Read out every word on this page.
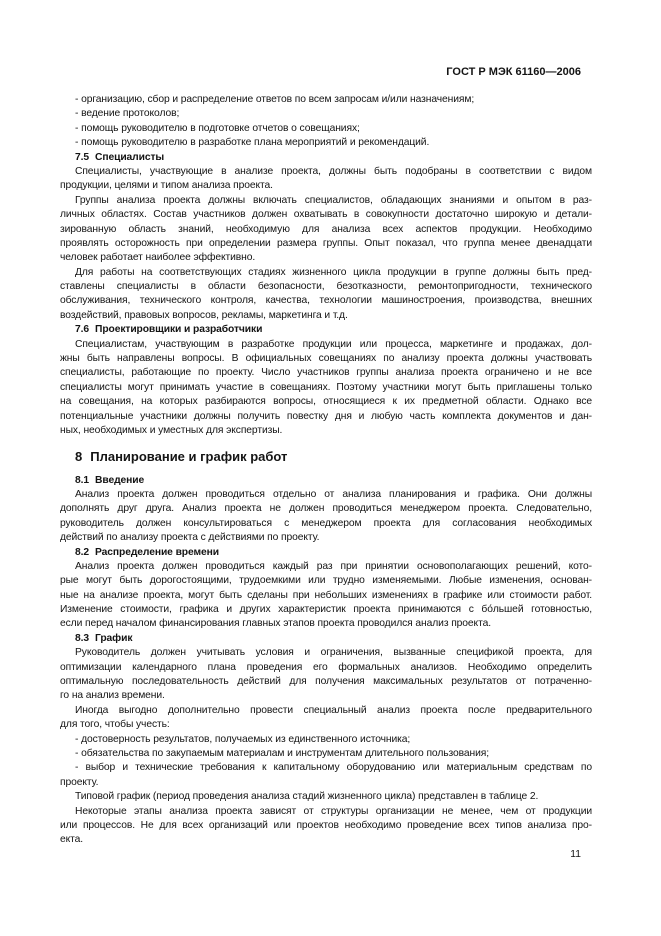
ГОСТ Р МЭК 61160—2006
- организацию, сбор и распределение ответов по всем запросам и/или назначениям;
- ведение протоколов;
- помощь руководителю в подготовке отчетов о совещаниях;
- помощь руководителю в разработке плана мероприятий и рекомендаций.
7.5 Специалисты
Специалисты, участвующие в анализе проекта, должны быть подобраны в соответствии с видом
продукции, целями и типом анализа проекта.
Группы анализа проекта должны включать специалистов, обладающих знаниями и опытом в раз-
личных областях. Состав участников должен охватывать в совокупности достаточно широкую и детали-
зированную область знаний, необходимую для анализа всех аспектов продукции. Необходимо
проявлять осторожность при определении размера группы. Опыт показал, что группа менее двенадцати
человек работает наиболее эффективно.
Для работы на соответствующих стадиях жизненного цикла продукции в группе должны быть пред-
ставлены специалисты в области безопасности, безотказности, ремонтопригодности, технического
обслуживания, технического контроля, качества, технологии машиностроения, производства, внешних
воздействий, правовых вопросов, рекламы, маркетинга и т.д.
7.6 Проектировщики и разработчики
Специалистам, участвующим в разработке продукции или процесса, маркетинге и продажах, дол-
жны быть направлены вопросы. В официальных совещаниях по анализу проекта должны участвовать
специалисты, работающие по проекту. Число участников группы анализа проекта ограничено и не все
специалисты могут принимать участие в совещаниях. Поэтому участники могут быть приглашены только
на совещания, на которых разбираются вопросы, относящиеся к их предметной области. Однако все
потенциальные участники должны получить повестку дня и любую часть комплекта документов и дан-
ных, необходимых и уместных для экспертизы.
8 Планирование и график работ
8.1 Введение
Анализ проекта должен проводиться отдельно от анализа планирования и графика. Они должны
дополнять друг друга. Анализ проекта не должен проводиться менеджером проекта. Следовательно,
руководитель должен консультироваться с менеджером проекта для согласования необходимых
действий по анализу проекта с действиями по проекту.
8.2 Распределение времени
Анализ проекта должен проводиться каждый раз при принятии основополагающих решений, кото-
рые могут быть дорогостоящими, трудоемкими или трудно изменяемыми. Любые изменения, основан-
ные на анализе проекта, могут быть сделаны при небольших изменениях в графике или стоимости работ.
Изменение стоимости, графика и других характеристик проекта принимаются с бо́льшей готовностью,
если перед началом финансирования главных этапов проекта проводился анализ проекта.
8.3 График
Руководитель должен учитывать условия и ограничения, вызванные спецификой проекта, для
оптимизации календарного плана проведения его формальных анализов. Необходимо определить
оптимальную последовательность действий для получения максимальных результатов от потраченно-
го на анализ времени.
Иногда выгодно дополнительно провести специальный анализ проекта после предварительного
для того, чтобы учесть:
- достоверность результатов, получаемых из единственного источника;
- обязательства по закупаемым материалам и инструментам длительного пользования;
- выбор и технические требования к капитальному оборудованию или материальным средствам по
проекту.
Типовой график (период проведения анализа стадий жизненного цикла) представлен в таблице 2.
Некоторые этапы анализа проекта зависят от структуры организации не менее, чем от продукции
или процессов. Не для всех организаций или проектов необходимо проведение всех типов анализа про-
екта.
11
